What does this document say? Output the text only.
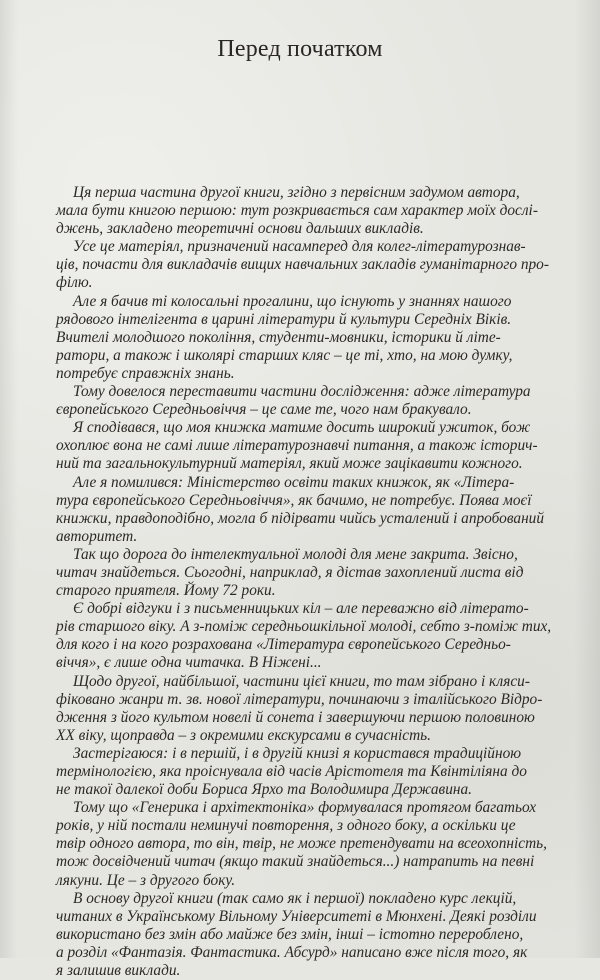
Перед початком
Ця перша частина другої книги, згідно з первісним задумом автора,
мала бути книгою першою: тут розкривається сам характер моїх дослі-
джень, закладено теоретичні основи дальших викладів.
Усе це матеріял, призначений насамперед для колег-літературознав-
ців, почасти для викладачів вищих навчальних закладів гуманітарного про-
філю.
Але я бачив ті колосальні прогалини, що існують у знаннях нашого
рядового інтелігента в царині літератури й культури Середніх Віків.
Вчителі молодшого покоління, студенти-мовники, історики й літе-
ратори, а також і школярі старших кляс – це ті, хто, на мою думку,
потребує справжніх знань.
Тому довелося переставити частини дослідження: адже література
європейського Середньовіччя – це саме те, чого нам бракувало.
Я сподівався, що моя книжка матиме досить широкий ужиток, бож
охоплює вона не самі лише літературознавчі питання, а також історич-
ний та загальнокультурний матеріял, який може зацікавити кожного.
Але я помилився: Міністерство освіти таких книжок, як «Літера-
тура європейського Середньовіччя», як бачимо, не потребує. Поява моєї
книжки, правдоподібно, могла б підірвати чийсь усталений і апробований
авторитет.
Так що дорога до інтелектуальної молоді для мене закрита. Звісно,
читач знайдеться. Сьогодні, наприклад, я дістав захоплений листа від
старого приятеля. Йому 72 роки.
Є добрі відгуки і з письменницьких кіл – але переважно від літерато-
рів старшого віку. А з-поміж середньошкільної молоді, себто з-поміж тих,
для кого і на кого розрахована «Література європейського Середньо-
віччя», є лише одна читачка. В Ніжені...
Щодо другої, найбільшої, частини цієї книги, то там зібрано і кляси-
фіковано жанри т. зв. нової літератури, починаючи з італійського Відро-
дження з його культом новелі й сонета і завершуючи першою половиною
ХХ віку, щоправда – з окремими екскурсами в сучасність.
Застерігаюся: і в першій, і в другій книзі я користався традиційною
термінологією, яка проіснувала від часів Арістотеля та Квінтіліяна до
не такої далекої доби Бориса Ярхо та Володимира Державина.
Тому що «Генерика і архітектоніка» формувалася протягом багатьох
років, у ній постали неминучі повторення, з одного боку, а оскільки це
твір одного автора, то він, твір, не може претендувати на всеохопність,
тож досвідчений читач (якщо такий знайдеться...) натрапить на певні
лякуни. Це – з другого боку.
В основу другої книги (так само як і першої) покладено курс лекцій,
читаних в Українському Вільному Університеті в Мюнхені. Деякі розділи
використано без змін або майже без змін, інші – істотно перероблено,
а розділ «Фантазія. Фантастика. Абсурд» написано вже після того, як
я залишив виклади.
